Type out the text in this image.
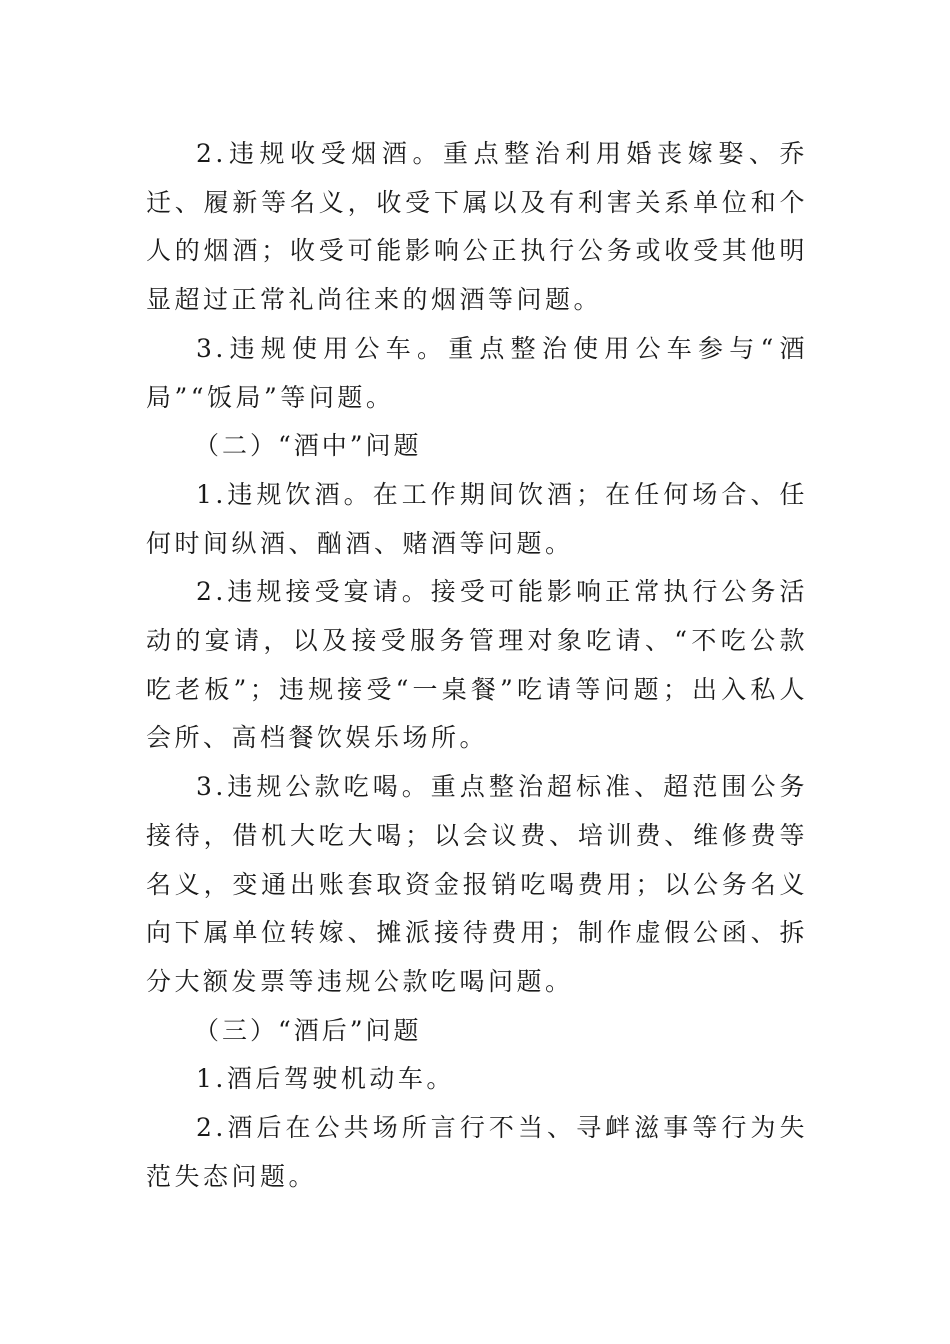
2.违规收受烟酒。重点整治利用婚丧嫁娶、乔迁、履新等名义，收受下属以及有利害关系单位和个人的烟酒；收受可能影响公正执行公务或收受其他明显超过正常礼尚往来的烟酒等问题。

3.违规使用公车。重点整治使用公车参与“酒局”“饭局”等问题。

（二）“酒中”问题

1.违规饮酒。在工作期间饮酒；在任何场合、任何时间纵酒、酗酒、赌酒等问题。

2.违规接受宴请。接受可能影响正常执行公务活动的宴请，以及接受服务管理对象吃请、“不吃公款吃老板”；违规接受“一桌餐”吃请等问题；出入私人会所、高档餐饮娱乐场所。

3.违规公款吃喝。重点整治超标准、超范围公务接待，借机大吃大喝；以会议费、培训费、维修费等名义，变通出账套取资金报销吃喝费用；以公务名义向下属单位转嫁、摊派接待费用；制作虚假公函、拆分大额发票等违规公款吃喝问题。

（三）“酒后”问题

1.酒后驾驶机动车。

2.酒后在公共场所言行不当、寻衅滋事等行为失范失态问题。
